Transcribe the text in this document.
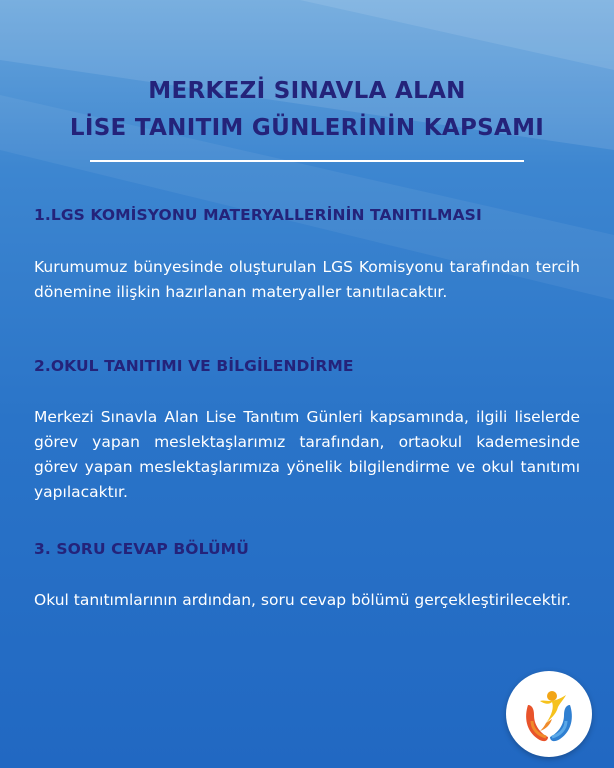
MERKEZİ SINAVLA ALAN
LİSE TANITIM GÜNLERİNİN KAPSAMI
1.LGS KOMİSYONU MATERYALLERİNİN TANITILMASI
Kurumumuz bünyesinde oluşturulan LGS Komisyonu tarafından tercih dönemine ilişkin hazırlanan materyaller tanıtılacaktır.
2.OKUL TANITIMI VE BİLGİLENDİRME
Merkezi Sınavla Alan Lise Tanıtım Günleri kapsamında, ilgili liselerde görev yapan meslektaşlarımız tarafından, ortaokul kademesinde görev yapan meslektaşlarımıza yönelik bilgilendirme ve okul tanıtımı yapılacaktır.
3. SORU CEVAP BÖLÜMÜ
Okul tanıtımlarının ardından, soru cevap bölümü gerçekleştirilecektir.
